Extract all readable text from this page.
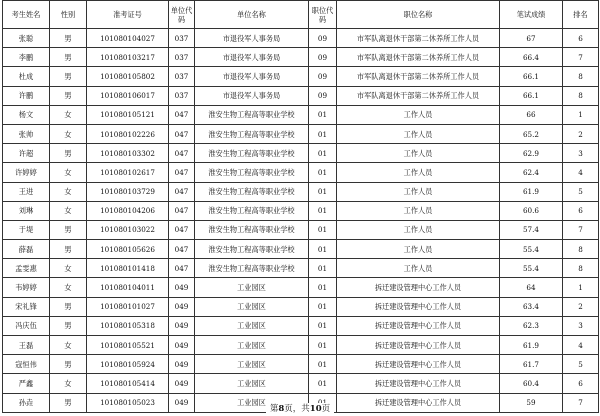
考生姓名	性别	准考证号	单位代码	单位名称	职位代码	职位名称	笔试成绩	排名
张聪	男	101080104027	037	市退役军人事务局	09	市军队离退休干部第二休养所工作人员	67	6
李鹏	男	101080103217	037	市退役军人事务局	09	市军队离退休干部第二休养所工作人员	66.4	7
杜成	男	101080105802	037	市退役军人事务局	09	市军队离退休干部第二休养所工作人员	66.1	8
许鹏	男	101080106017	037	市退役军人事务局	09	市军队离退休干部第二休养所工作人员	66.1	8
杨文	女	101080105121	047	淮安生物工程高等职业学校	01	工作人员	66	1
张帅	女	101080102226	047	淮安生物工程高等职业学校	01	工作人员	65.2	2
许超	男	101080103302	047	淮安生物工程高等职业学校	01	工作人员	62.9	3
许婷婷	女	101080102617	047	淮安生物工程高等职业学校	01	工作人员	62.4	4
王进	女	101080103729	047	淮安生物工程高等职业学校	01	工作人员	61.9	5
刘琳	女	101080104206	047	淮安生物工程高等职业学校	01	工作人员	60.6	6
于堤	男	101080103022	047	淮安生物工程高等职业学校	01	工作人员	57.4	7
薛磊	男	101080105626	047	淮安生物工程高等职业学校	01	工作人员	55.4	8
孟雯惠	女	101080101418	047	淮安生物工程高等职业学校	01	工作人员	55.4	8
韦婷婷	女	101080104011	049	工业园区	01	拆迁建设管理中心工作人员	64	1
宋礼锋	男	101080101027	049	工业园区	01	拆迁建设管理中心工作人员	63.4	2
冯庆伍	男	101080105318	049	工业园区	01	拆迁建设管理中心工作人员	62.3	3
王磊	女	101080105521	049	工业园区	01	拆迁建设管理中心工作人员	61.9	4
寇恒伟	男	101080105924	049	工业园区	01	拆迁建设管理中心工作人员	61.7	5
严鑫	女	101080105414	049	工业园区	01	拆迁建设管理中心工作人员	60.4	6
孙垚	男	101080105023	049	工业园区		拆迁建设管理中心工作人员	59	7
第8页，共10页
